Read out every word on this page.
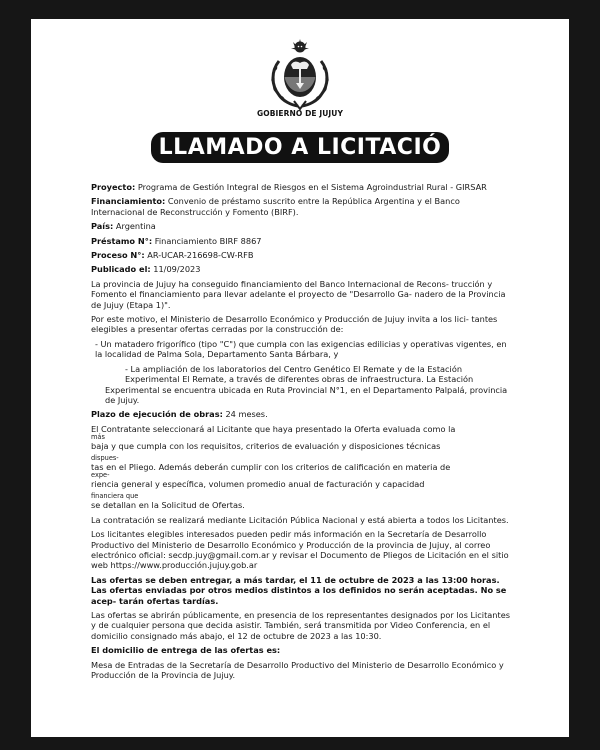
GOBIERNO DE JUJUY
LLAMADO A LICITACIÓ

Proyecto: Programa de Gestión Integral de Riesgos en el Sistema Agroindustrial Rural - GIRSAR

Financiamiento: Convenio de préstamo suscrito entre la República Argentina y el Banco Internacional de Reconstrucción y Fomento (BIRF).

País: Argentina

Préstamo N°: Financiamiento BIRF 8867

Proceso N°: AR-UCAR-216698-CW-RFB

Publicado el: 11/09/2023

La provincia de Jujuy ha conseguido financiamiento del Banco Internacional de Recons- trucción y Fomento el financiamiento para llevar adelante el proyecto de "Desarrollo Ga- nadero de la Provincia de Jujuy (Etapa 1)".

Por este motivo, el Ministerio de Desarrollo Económico y Producción de Jujuy invita a los lici- tantes elegibles a presentar ofertas cerradas por la construcción de:

- Un matadero frigorífico (tipo "C") que cumpla con las exigencias edilicias y operativas vigentes, en la localidad de Palma Sola, Departamento Santa Bárbara, y

- La ampliación de los laboratorios del Centro Genético El Remate y de la Estación
Experimental El Remate, a través de diferentes obras de infraestructura. La Estación
Experimental se encuentra ubicada en Ruta Provincial N°1, en el Departamento Palpalá, provincia de Jujuy.

Plazo de ejecución de obras: 24 meses.

El Contratante seleccionará al Licitante que haya presentado la Oferta evaluada como la
más
baja y que cumpla con los requisitos, criterios de evaluación y disposiciones técnicas
dispues-
tas en el Pliego. Además deberán cumplir con los criterios de calificación en materia de
expe-
riencia general y específica, volumen promedio anual de facturación y capacidad
financiera que
se detallan en la Solicitud de Ofertas.

La contratación se realizará mediante Licitación Pública Nacional y está abierta a todos los Licitantes.

Los licitantes elegibles interesados pueden pedir más información en la Secretaría de Desarrollo Productivo del Ministerio de Desarrollo Económico y Producción de la provincia de Jujuy, al correo electrónico oficial: secdp.juy@gmail.com.ar y revisar el Documento de Pliegos de Licitación en el sitio web https://www.producción.jujuy.gob.ar

Las ofertas se deben entregar, a más tardar, el 11 de octubre de 2023 a las 13:00 horas. Las ofertas enviadas por otros medios distintos a los definidos no serán aceptadas. No se acep- tarán ofertas tardías.

Las ofertas se abrirán públicamente, en presencia de los representantes designados por los Licitantes y de cualquier persona que decida asistir. También, será transmitida por Video Conferencia, en el domicilio consignado más abajo, el 12 de octubre de 2023 a las 10:30.

El domicilio de entrega de las ofertas es:

Mesa de Entradas de la Secretaría de Desarrollo Productivo del Ministerio de Desarrollo Económico y Producción de la Provincia de Jujuy.
